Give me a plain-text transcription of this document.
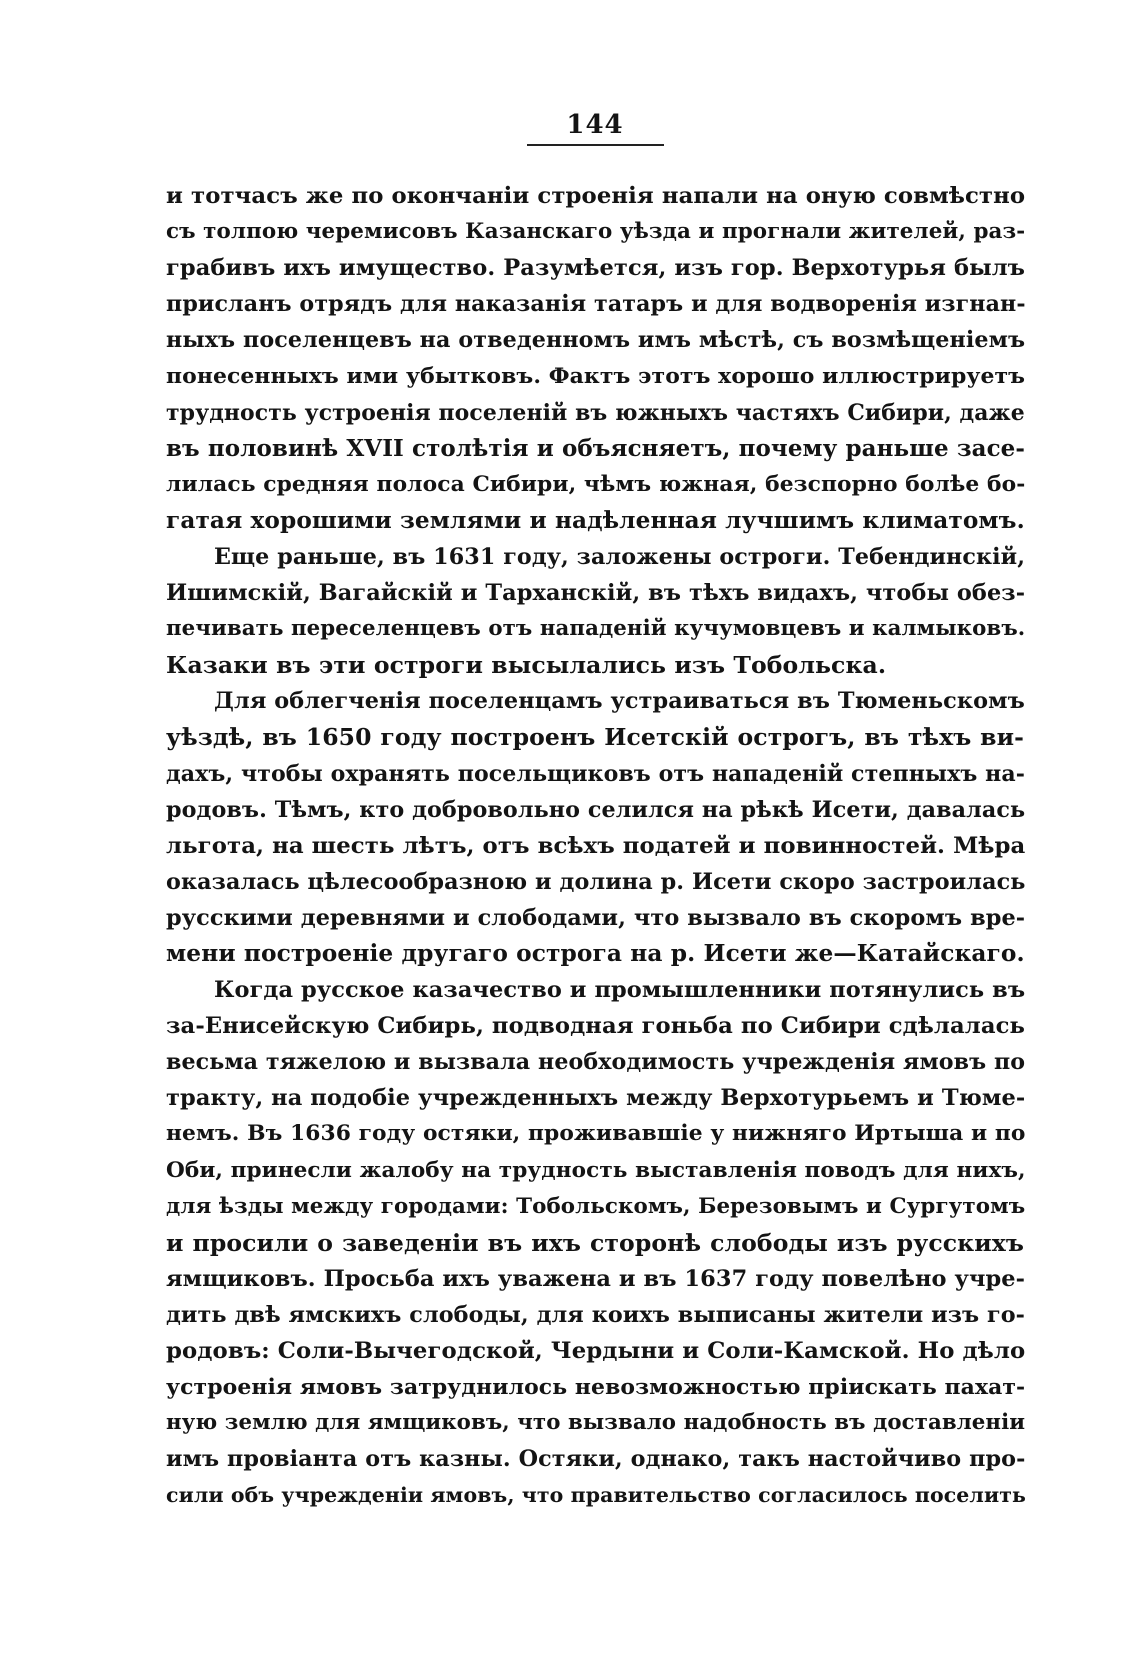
144
и тотчасъ же по окончаніи строенія напали на оную совмѣстно
съ толпою черемисовъ Казанскаго уѣзда и прогнали жителей, раз-
грабивъ ихъ имущество. Разумѣется, изъ гор. Верхотурья былъ
присланъ отрядъ для наказанія татаръ и для водворенія изгнан-
ныхъ поселенцевъ на отведенномъ имъ мѣстѣ, съ возмѣщеніемъ
понесенныхъ ими убытковъ. Фактъ этотъ хорошо иллюстрируетъ
трудность устроенія поселеній въ южныхъ частяхъ Сибири, даже
въ половинѣ XVII столѣтія и объясняетъ, почему раньше засе-
лилась средняя полоса Сибири, чѣмъ южная, безспорно болѣе бо-
гатая хорошими землями и надѣленная лучшимъ климатомъ.
Еще раньше, въ 1631 году, заложены остроги. Тебендинскій,
Ишимскій, Вагайскій и Тарханскій, въ тѣхъ видахъ, чтобы обез-
печивать переселенцевъ отъ нападеній кучумовцевъ и калмыковъ.
Казаки въ эти остроги высылались изъ Тобольска.
Для облегченія поселенцамъ устраиваться въ Тюменьскомъ
уѣздѣ, въ 1650 году построенъ Исетскій острогъ, въ тѣхъ ви-
дахъ, чтобы охранять посельщиковъ отъ нападеній степныхъ на-
родовъ. Тѣмъ, кто добровольно селился на рѣкѣ Исети, давалась
льгота, на шесть лѣтъ, отъ всѣхъ податей и повинностей. Мѣра
оказалась цѣлесообразною и долина р. Исети скоро застроилась
русскими деревнями и слободами, что вызвало въ скоромъ вре-
мени построеніе другаго острога на р. Исети же—Катайскаго.
Когда русское казачество и промышленники потянулись въ
за-Енисейскую Сибирь, подводная гоньба по Сибири сдѣлалась
весьма тяжелою и вызвала необходимость учрежденія ямовъ по
тракту, на подобіе учрежденныхъ между Верхотурьемъ и Тюме-
немъ. Въ 1636 году остяки, проживавшіе у нижняго Иртыша и по
Оби, принесли жалобу на трудность выставленія поводъ для нихъ,
для ѣзды между городами: Тобольскомъ, Березовымъ и Сургутомъ
и просили о заведеніи въ ихъ сторонѣ слободы изъ русскихъ
ямщиковъ. Просьба ихъ уважена и въ 1637 году повелѣно учре-
дить двѣ ямскихъ слободы, для коихъ выписаны жители изъ го-
родовъ: Соли-Вычегодской, Чердыни и Соли-Камской. Но дѣло
устроенія ямовъ затруднилось невозможностью пріискать пахат-
ную землю для ямщиковъ, что вызвало надобность въ доставленіи
имъ провіанта отъ казны. Остяки, однако, такъ настойчиво про-
сили объ учрежденіи ямовъ, что правительство согласилось поселить
